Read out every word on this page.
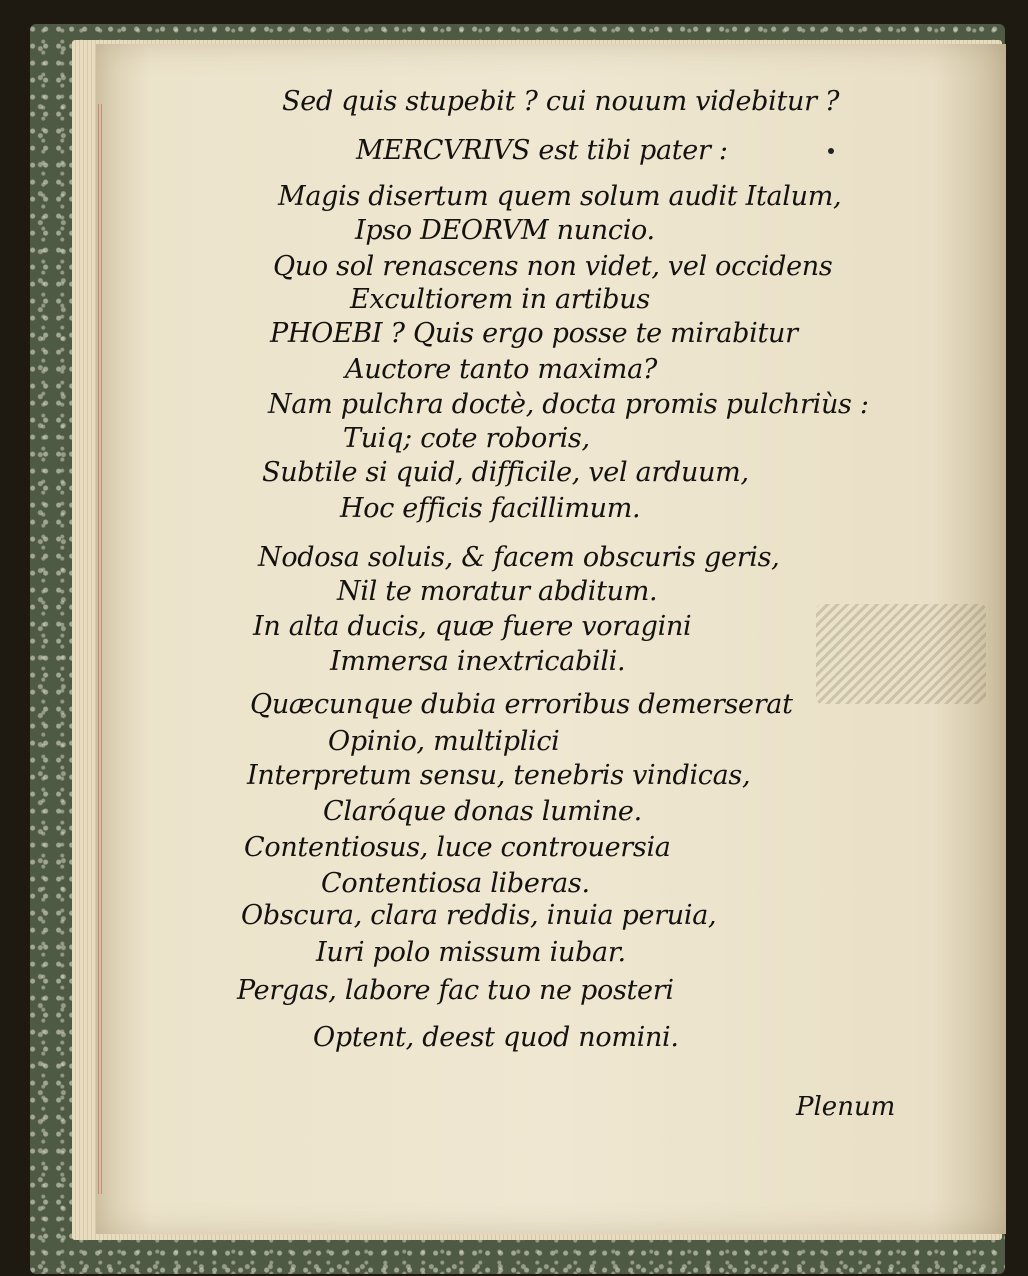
Sed quis stupebit ? cui nouum videbitur ?
MERCVRIVS est tibi pater :
Magis disertum quem solum audit Italum,
Ipso DEORVM nuncio.
Quo sol renascens non videt, vel occidens
Excultiorem in artibus
PHOEBI ? Quis ergo posse te mirabitur
Auctore tanto maxima?
Nam pulchra doctè, docta promis pulchriùs :
Tuiq; cote roboris,
Subtile si quid, difficile, vel arduum,
Hoc efficis facillimum.
Nodosa soluis, & facem obscuris geris,
Nil te moratur abditum.
In alta ducis, quæ fuere voragini
Immersa inextricabili.
Quæcunque dubia erroribus demerserat
Opinio, multiplici
Interpretum sensu, tenebris vindicas,
Claróque donas lumine.
Contentiosus, luce controuersia
Contentiosa liberas.
Obscura, clara reddis, inuia peruia,
Iuri polo missum iubar.
Pergas, labore fac tuo ne posteri
Optent, deest quod nomini.
Plenum
